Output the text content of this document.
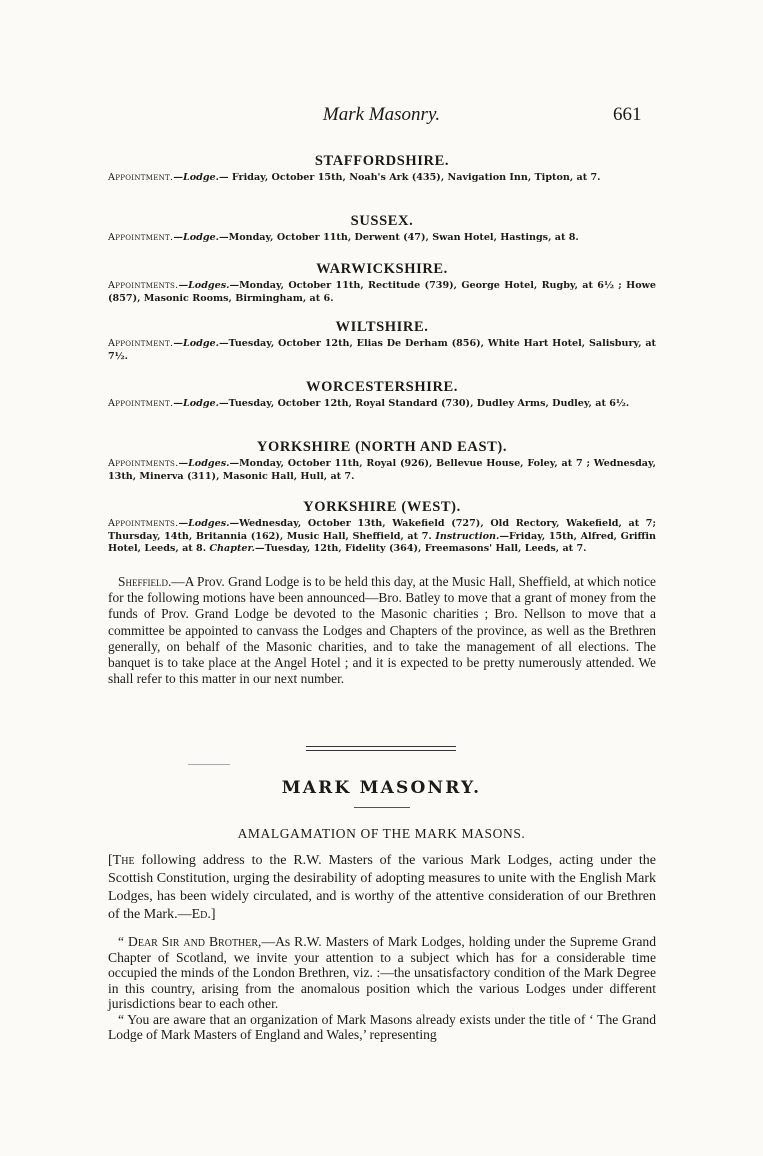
Mark Masonry.	661
STAFFORDSHIRE.

Appointment.—Lodge.— Friday, October 15th, Noah's Ark (435), Navigation Inn, Tipton, at 7.

SUSSEX.

Appointment.—Lodge.—Monday, October 11th, Derwent (47), Swan Hotel, Hastings, at 8.

WARWICKSHIRE.

Appointments.—Lodges.—Monday, October 11th, Rectitude (739), George Hotel, Rugby, at 6½ ; Howe (857), Masonic Rooms, Birmingham, at 6.

WILTSHIRE.

Appointment.—Lodge.—Tuesday, October 12th, Elias De Derham (856), White Hart Hotel, Salisbury, at 7½.

WORCESTERSHIRE.

Appointment.—Lodge.—Tuesday, October 12th, Royal Standard (730), Dudley Arms, Dudley, at 6½.

YORKSHIRE (NORTH AND EAST).

Appointments.—Lodges.—Monday, October 11th, Royal (926), Bellevue House, Foley, at 7 ; Wednesday, 13th, Minerva (311), Masonic Hall, Hull, at 7.

YORKSHIRE (WEST).

Appointments.—Lodges.—Wednesday, October 13th, Wakefield (727), Old Rectory, Wakefield, at 7; Thursday, 14th, Britannia (162), Music Hall, Sheffield, at 7. Instruction.—Friday, 15th, Alfred, Griffin Hotel, Leeds, at 8. Chapter.—Tuesday, 12th, Fidelity (364), Freemasons' Hall, Leeds, at 7.

Sheffield.—A Prov. Grand Lodge is to be held this day, at the Music Hall, Sheffield, at which notice for the following motions have been announced—Bro. Batley to move that a grant of money from the funds of Prov. Grand Lodge be devoted to the Masonic charities ; Bro. Nellson to move that a committee be appointed to canvass the Lodges and Chapters of the province, as well as the Brethren generally, on behalf of the Masonic charities, and to take the management of all elections. The banquet is to take place at the Angel Hotel ; and it is expected to be pretty numerously attended. We shall refer to this matter in our next number.

MARK MASONRY.
AMALGAMATION OF THE MARK MASONS.

[The following address to the R.W. Masters of the various Mark Lodges, acting under the Scottish Constitution, urging the desirability of adopting measures to unite with the English Mark Lodges, has been widely circulated, and is worthy of the attentive consideration of our Brethren of the Mark.—Ed.]

“ Dear Sir and Brother,—As R.W. Masters of Mark Lodges, holding under the Supreme Grand Chapter of Scotland, we invite your attention to a subject which has for a considerable time occupied the minds of the London Brethren, viz. :—the unsatisfactory condition of the Mark Degree in this country, arising from the anomalous position which the various Lodges under different jurisdictions bear to each other.

“ You are aware that an organization of Mark Masons already exists under the title of ‘ The Grand Lodge of Mark Masters of England and Wales,’ representing
